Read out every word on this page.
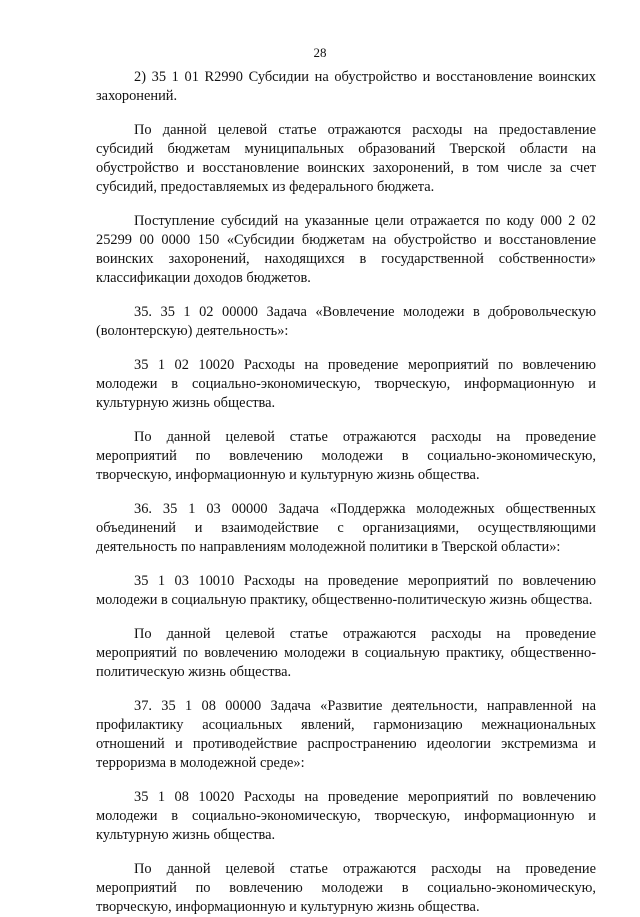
28

2) 35 1 01 R2990 Субсидии на обустройство и восстановление воинских захоронений.

По данной целевой статье отражаются расходы на предоставление субсидий бюджетам муниципальных образований Тверской области на обустройство и восстановление воинских захоронений, в том числе за счет субсидий, предоставляемых из федерального бюджета.

Поступление субсидий на указанные цели отражается по коду 000 2 02 25299 00 0000 150 «Субсидии бюджетам на обустройство и восстановление воинских захоронений, находящихся в государственной собственности» классификации доходов бюджетов.

35. 35 1 02 00000 Задача «Вовлечение молодежи в добровольческую (волонтерскую) деятельность»:

35 1 02 10020 Расходы на проведение мероприятий по вовлечению молодежи в социально-экономическую, творческую, информационную и культурную жизнь общества.

По данной целевой статье отражаются расходы на проведение мероприятий по вовлечению молодежи в социально-экономическую, творческую, информационную и культурную жизнь общества.

36. 35 1 03 00000 Задача «Поддержка молодежных общественных объединений и взаимодействие с организациями, осуществляющими деятельность по направлениям молодежной политики в Тверской области»:

35 1 03 10010 Расходы на проведение мероприятий по вовлечению молодежи в социальную практику, общественно-политическую жизнь общества.

По данной целевой статье отражаются расходы на проведение мероприятий по вовлечению молодежи в социальную практику, общественно-политическую жизнь общества.

37. 35 1 08 00000 Задача «Развитие деятельности, направленной на профилактику асоциальных явлений, гармонизацию межнациональных отношений и противодействие распространению идеологии экстремизма и терроризма в молодежной среде»:

35 1 08 10020 Расходы на проведение мероприятий по вовлечению молодежи в социально-экономическую, творческую, информационную и культурную жизнь общества.

По данной целевой статье отражаются расходы на проведение мероприятий по вовлечению молодежи в социально-экономическую, творческую, информационную и культурную жизнь общества.
